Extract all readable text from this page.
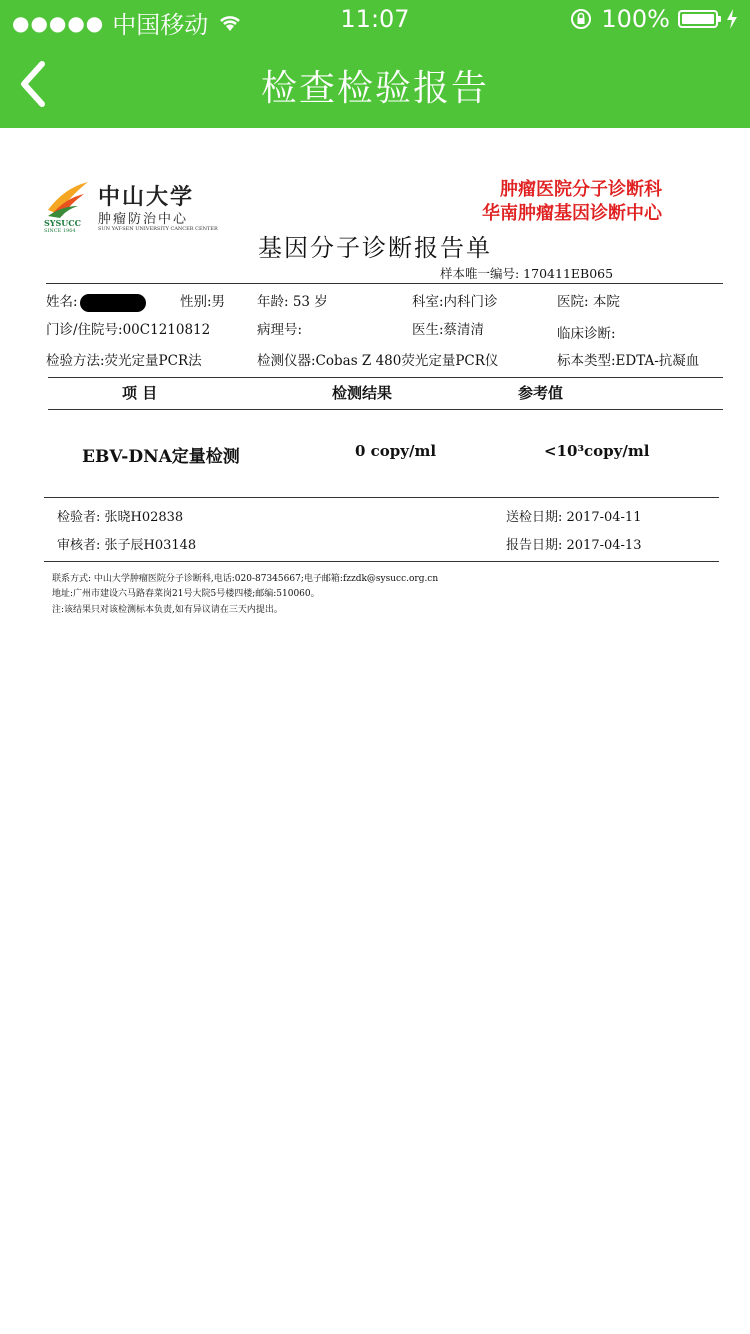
●●●●● 中国移动	11:07	100%
检查检验报告
SYSUCC
SINCE 1964
中山大学
肿瘤防治中心
SUN YAT-SEN UNIVERSITY CANCER CENTER
肿瘤医院分子诊断科
华南肿瘤基因诊断中心
基因分子诊断报告单
样本唯一编号: 170411EB065
姓名:	性别:男 年龄: 53 岁	科室:内科门诊	医院: 本院
门诊/住院号:00C1210812	病理号:	医生:蔡清清	临床诊断:
检验方法:荧光定量PCR法	检测仪器:Cobas Z 480荧光定量PCR仪	标本类型:EDTA-抗凝血
项 目	检测结果	参考值
EBV-DNA定量检测	0 copy/ml	<10³copy/ml
检验者: 张晓H02838	送检日期: 2017-04-11
审核者: 张子辰H03148	报告日期: 2017-04-13
联系方式: 中山大学肿瘤医院分子诊断科,电话:020-87345667;电子邮箱:fzzdk@sysucc.org.cn
地址:广州市建设六马路春菜岗21号大院5号楼四楼;邮编:510060。
注:该结果只对该检测标本负责,如有异议请在三天内提出。
